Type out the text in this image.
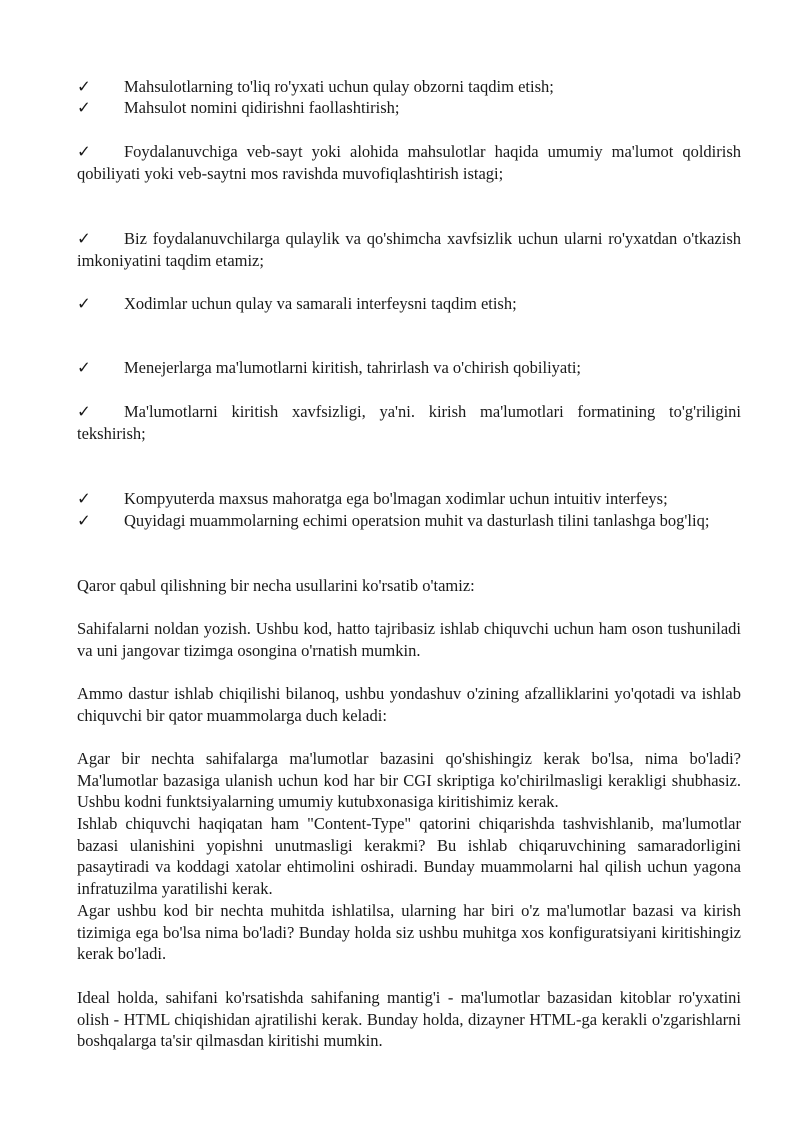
✓ Mahsulotlarning to'liq ro'yxati uchun qulay obzorni taqdim etish;
✓ Mahsulot nomini qidirishni faollashtirish;
✓ Foydalanuvchiga veb-sayt yoki alohida mahsulotlar haqida umumiy ma'lumot qoldirish qobiliyati yoki veb-saytni mos ravishda muvofiqlashtirish istagi;
✓ Biz foydalanuvchilarga qulaylik va qo'shimcha xavfsizlik uchun ularni ro'yxatdan o'tkazish imkoniyatini taqdim etamiz;
✓ Xodimlar uchun qulay va samarali interfeysni taqdim etish;
✓ Menejerlarga ma'lumotlarni kiritish, tahrirlash va o'chirish qobiliyati;
✓ Ma'lumotlarni kiritish xavfsizligi, ya'ni. kirish ma'lumotlari formatining to'g'riligini tekshirish;
✓ Kompyuterda maxsus mahoratga ega bo'lmagan xodimlar uchun intuitiv interfeys;
✓ Quyidagi muammolarning echimi operatsion muhit va dasturlash tilini tanlashga bog'liq;
Qaror qabul qilishning bir necha usullarini ko'rsatib o'tamiz:
Sahifalarni noldan yozish. Ushbu kod, hatto tajribasiz ishlab chiquvchi uchun ham oson tushuniladi va uni jangovar tizimga osongina o'rnatish mumkin.
Ammo dastur ishlab chiqilishi bilanoq, ushbu yondashuv o'zining afzalliklarini yo'qotadi va ishlab chiquvchi bir qator muammolarga duch keladi:
Agar bir nechta sahifalarga ma'lumotlar bazasini qo'shishingiz kerak bo'lsa, nima bo'ladi? Ma'lumotlar bazasiga ulanish uchun kod har bir CGI skriptiga ko'chirilmasligi kerakligi shubhasiz. Ushbu kodni funktsiyalarning umumiy kutubxonasiga kiritishimiz kerak.
Ishlab chiquvchi haqiqatan ham "Content-Type" qatorini chiqarishda tashvishlanib, ma'lumotlar bazasi ulanishini yopishni unutmasligi kerakmi? Bu ishlab chiqaruvchining samaradorligini pasaytiradi va koddagi xatolar ehtimolini oshiradi. Bunday muammolarni hal qilish uchun yagona infratuzilma yaratilishi kerak.
Agar ushbu kod bir nechta muhitda ishlatilsa, ularning har biri o'z ma'lumotlar bazasi va kirish tizimiga ega bo'lsa nima bo'ladi? Bunday holda siz ushbu muhitga xos konfiguratsiyani kiritishingiz kerak bo'ladi.
Ideal holda, sahifani ko'rsatishda sahifaning mantig'i - ma'lumotlar bazasidan kitoblar ro'yxatini olish - HTML chiqishidan ajratilishi kerak. Bunday holda, dizayner HTML-ga kerakli o'zgarishlarni boshqalarga ta'sir qilmasdan kiritishi mumkin.
